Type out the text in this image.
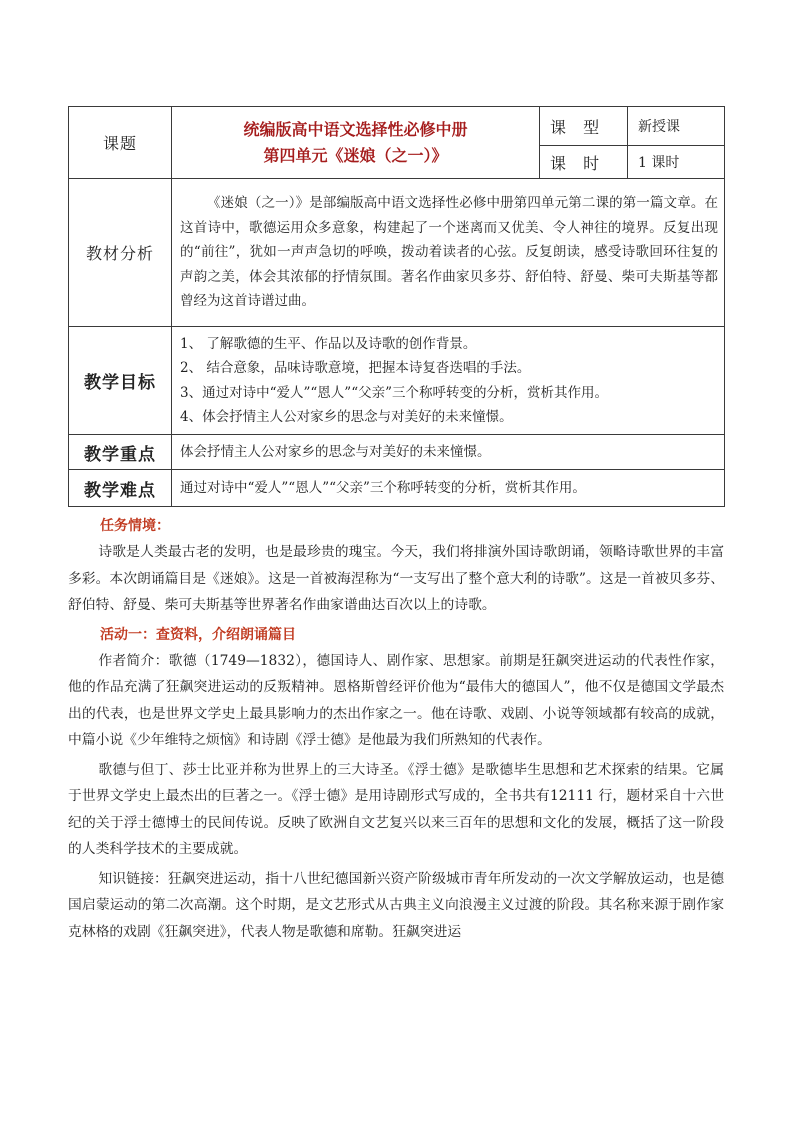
课题	统编版高中语文选择性必修中册
第四单元《迷娘（之一）》	课 型	新授课
		课 时	1 课时
教材分析	《迷娘（之一）》是部编版高中语文选择性必修中册第四单元第二课的第一篇文章。在这首诗中，歌德运用众多意象，构建起了一个迷离而又优美、令人神往的境界。反复出现的“前往”，犹如一声声急切的呼唤，拨动着读者的心弦。反复朗读，感受诗歌回环往复的声韵之美，体会其浓郁的抒情氛围。著名作曲家贝多芬、舒伯特、舒曼、柴可夫斯基等都曾经为这首诗谱过曲。		
教学目标	1、 了解歌德的生平、作品以及诗歌的创作背景。
2、 结合意象，品味诗歌意境，把握本诗复沓迭唱的手法。
3、通过对诗中“爱人”“恩人”“父亲”三个称呼转变的分析，赏析其作用。
4、体会抒情主人公对家乡的思念与对美好的未来憧憬。		

教学重点	体会抒情主人公对家乡的思念与对美好的未来憧憬。		
教学难点	通过对诗中“爱人”“恩人”“父亲”三个称呼转变的分析，赏析其作用。		
任务情境：

诗歌是人类最古老的发明，也是最珍贵的瑰宝。今天，我们将排演外国诗歌朗诵，领略诗歌世界的丰富多彩。本次朗诵篇目是《迷娘》。这是一首被海涅称为“一支写出了整个意大利的诗歌”。这是一首被贝多芬、舒伯特、舒曼、柴可夫斯基等世界著名作曲家谱曲达百次以上的诗歌。

活动一：查资料，介绍朗诵篇目

作者简介：歌德（1749—1832），德国诗人、剧作家、思想家。前期是狂飙突进运动的代表性作家，他的作品充满了狂飙突进运动的反叛精神。恩格斯曾经评价他为“最伟大的德国人”，他不仅是德国文学最杰出的代表，也是世界文学史上最具影响力的杰出作家之一。他在诗歌、戏剧、小说等领域都有较高的成就，中篇小说《少年维特之烦恼》和诗剧《浮士德》是他最为我们所熟知的代表作。

歌德与但丁、莎士比亚并称为世界上的三大诗圣。《浮士德》是歌德毕生思想和艺术探索的结果。它属于世界文学史上最杰出的巨著之一。《浮士德》是用诗剧形式写成的，全书共有12111 行，题材采自十六世纪的关于浮士德博士的民间传说。反映了欧洲自文艺复兴以来三百年的思想和文化的发展，概括了这一阶段的人类科学技术的主要成就。

知识链接：狂飙突进运动，指十八世纪德国新兴资产阶级城市青年所发动的一次文学解放运动，也是德国启蒙运动的第二次高潮。这个时期，是文艺形式从古典主义向浪漫主义过渡的阶段。其名称来源于剧作家克林格的戏剧《狂飙突进》，代表人物是歌德和席勒。狂飙突进运
